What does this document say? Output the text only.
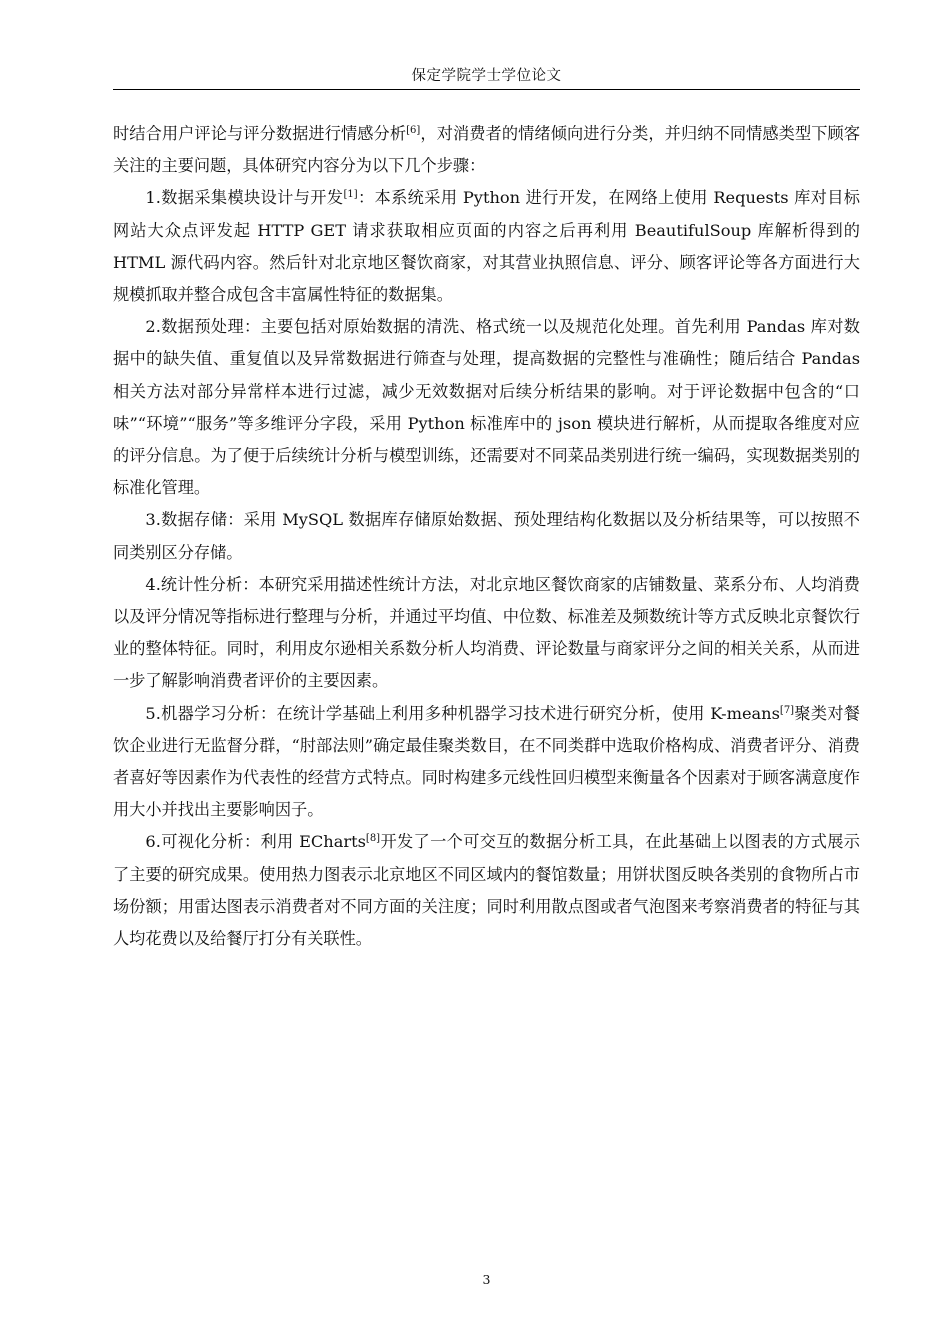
保定学院学士学位论文

时结合用户评论与评分数据进行情感分析[6]，对消费者的情绪倾向进行分类，并归纳不同情感类型下顾客关注的主要问题，具体研究内容分为以下几个步骤：

1.数据采集模块设计与开发[1]：本系统采用 Python 进行开发，在网络上使用 Requests 库对目标网站大众点评发起 HTTP GET 请求获取相应页面的内容之后再利用 BeautifulSoup 库解析得到的 HTML 源代码内容。然后针对北京地区餐饮商家，对其营业执照信息、评分、顾客评论等各方面进行大规模抓取并整合成包含丰富属性特征的数据集。

2.数据预处理：主要包括对原始数据的清洗、格式统一以及规范化处理。首先利用 Pandas 库对数据中的缺失值、重复值以及异常数据进行筛查与处理，提高数据的完整性与准确性；随后结合 Pandas 相关方法对部分异常样本进行过滤，减少无效数据对后续分析结果的影响。对于评论数据中包含的“口味”“环境”“服务”等多维评分字段，采用 Python 标准库中的 json 模块进行解析，从而提取各维度对应的评分信息。为了便于后续统计分析与模型训练，还需要对不同菜品类别进行统一编码，实现数据类别的标准化管理。

3.数据存储：采用 MySQL 数据库存储原始数据、预处理结构化数据以及分析结果等，可以按照不同类别区分存储。

4.统计性分析：本研究采用描述性统计方法，对北京地区餐饮商家的店铺数量、菜系分布、人均消费以及评分情况等指标进行整理与分析，并通过平均值、中位数、标准差及频数统计等方式反映北京餐饮行业的整体特征。同时，利用皮尔逊相关系数分析人均消费、评论数量与商家评分之间的相关关系，从而进一步了解影响消费者评价的主要因素。

5.机器学习分析：在统计学基础上利用多种机器学习技术进行研究分析，使用 K-means[7]聚类对餐饮企业进行无监督分群，“肘部法则”确定最佳聚类数目，在不同类群中选取价格构成、消费者评分、消费者喜好等因素作为代表性的经营方式特点。同时构建多元线性回归模型来衡量各个因素对于顾客满意度作用大小并找出主要影响因子。

6.可视化分析：利用 ECharts[8]开发了一个可交互的数据分析工具，在此基础上以图表的方式展示了主要的研究成果。使用热力图表示北京地区不同区域内的餐馆数量；用饼状图反映各类别的食物所占市场份额；用雷达图表示消费者对不同方面的关注度；同时利用散点图或者气泡图来考察消费者的特征与其人均花费以及给餐厅打分有关联性。

3
